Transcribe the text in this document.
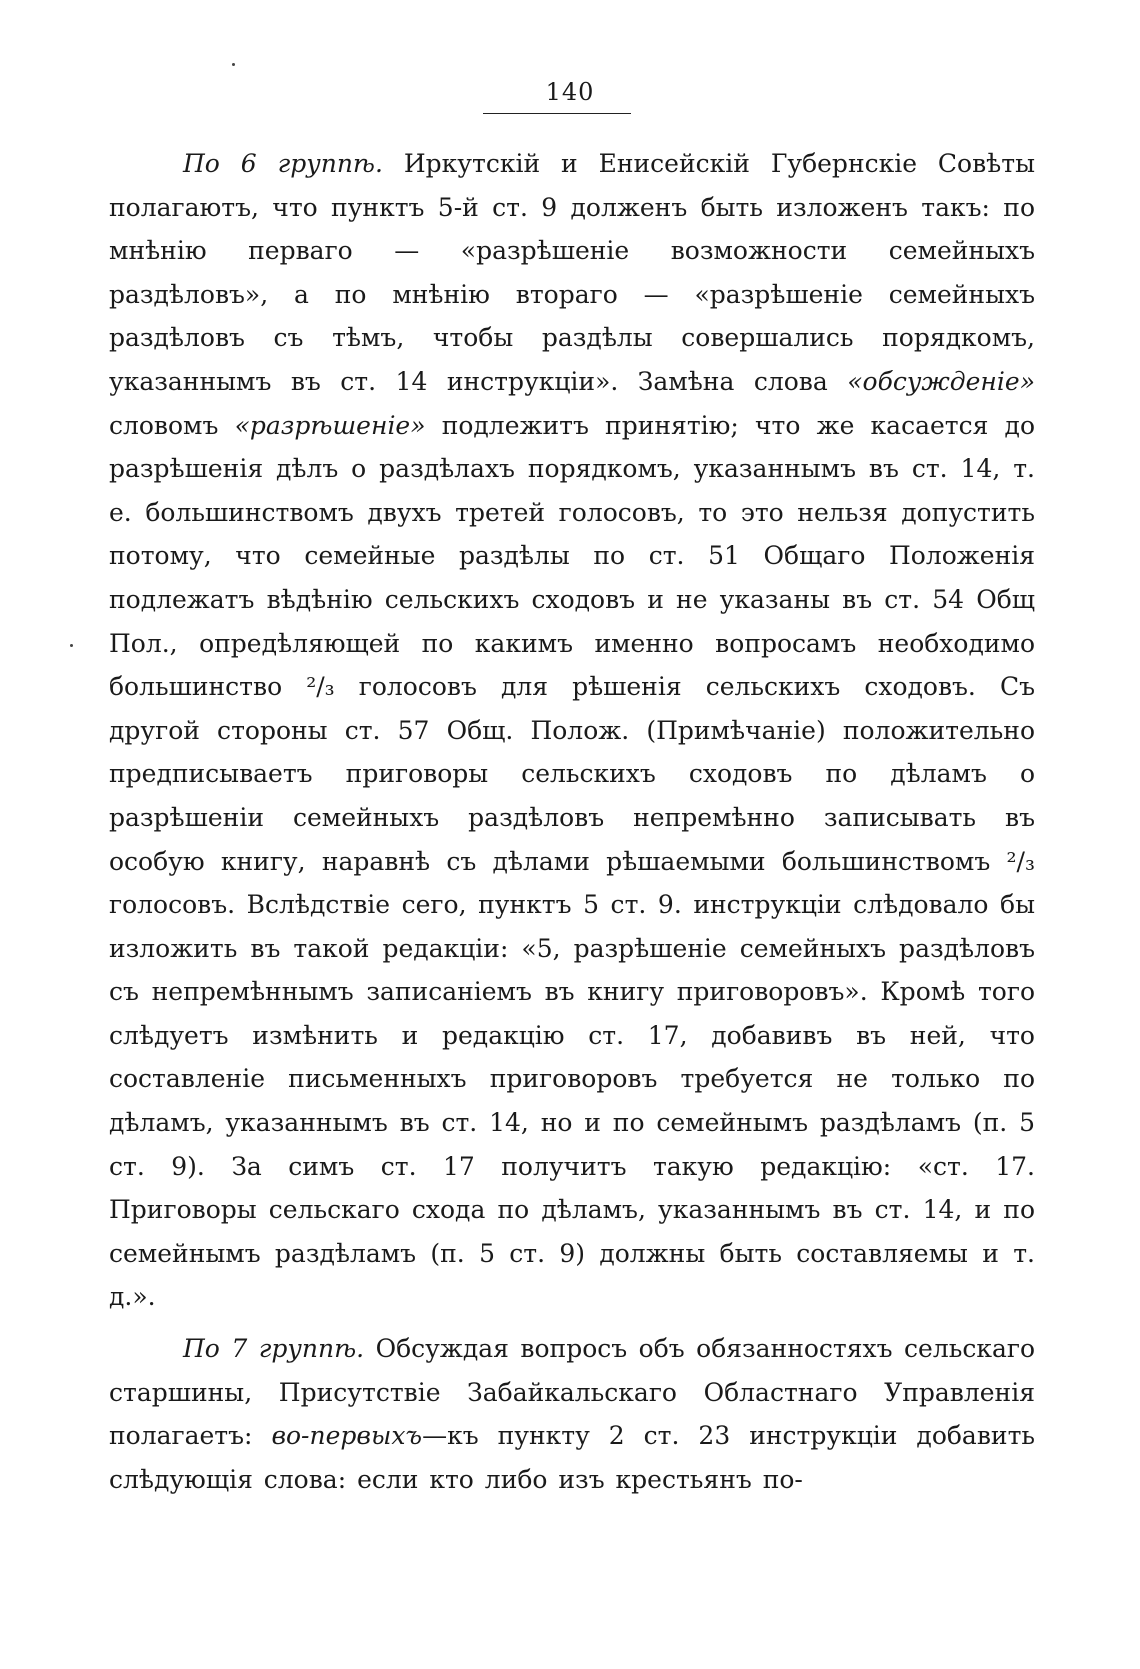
140

По 6 группѣ. Иркутскій и Енисейскій Губернскіе Совѣты полагаютъ, что пунктъ 5-й ст. 9 долженъ быть изложенъ такъ: по мнѣнію перваго — «разрѣшеніе возможности семейныхъ раздѣловъ», а по мнѣнію втораго — «разрѣшеніе семейныхъ раздѣловъ съ тѣмъ, чтобы раздѣлы совершались порядкомъ, указаннымъ въ ст. 14 инструкціи». Замѣна слова «обсужденіе» словомъ «разрѣшеніе» подлежитъ принятію; что же касается до разрѣшенія дѣлъ о раздѣлахъ порядкомъ, указаннымъ въ ст. 14, т. е. большинствомъ двухъ третей голосовъ, то это нельзя допустить потому, что семейные раздѣлы по ст. 51 Общаго Положенія подлежатъ вѣдѣнію сельскихъ сходовъ и не указаны въ ст. 54 Общ Пол., опредѣляющей по какимъ именно вопросамъ необходимо большинство ²/₃ голосовъ для рѣшенія сельскихъ сходовъ. Съ другой стороны ст. 57 Общ. Полож. (Примѣчаніе) положительно предписываетъ приговоры сельскихъ сходовъ по дѣламъ о разрѣшеніи семейныхъ раздѣловъ непремѣнно записывать въ особую книгу, наравнѣ съ дѣлами рѣшаемыми большинствомъ ²/₃ голосовъ. Вслѣдствіе сего, пунктъ 5 ст. 9. инструкціи слѣдовало бы изложить въ такой редакціи: «5, разрѣшеніе семейныхъ раздѣловъ съ непремѣннымъ записаніемъ въ книгу приговоровъ». Кромѣ того слѣдуетъ измѣнить и редакцію ст. 17, добавивъ въ ней, что составленіе письменныхъ приговоровъ требуется не только по дѣламъ, указаннымъ въ ст. 14, но и по семейнымъ раздѣламъ (п. 5 ст. 9). За симъ ст. 17 получитъ такую редакцію: «ст. 17. Приговоры сельскаго схода по дѣламъ, указаннымъ въ ст. 14, и по семейнымъ раздѣламъ (п. 5 ст. 9) должны быть составляемы и т. д.».

По 7 группѣ. Обсуждая вопросъ объ обязанностяхъ сельскаго старшины, Присутствіе Забайкальскаго Областнаго Управленія полагаетъ: во-первыхъ—къ пункту 2 ст. 23 инструкціи добавить слѣдующія слова: если кто либо изъ крестьянъ по-
